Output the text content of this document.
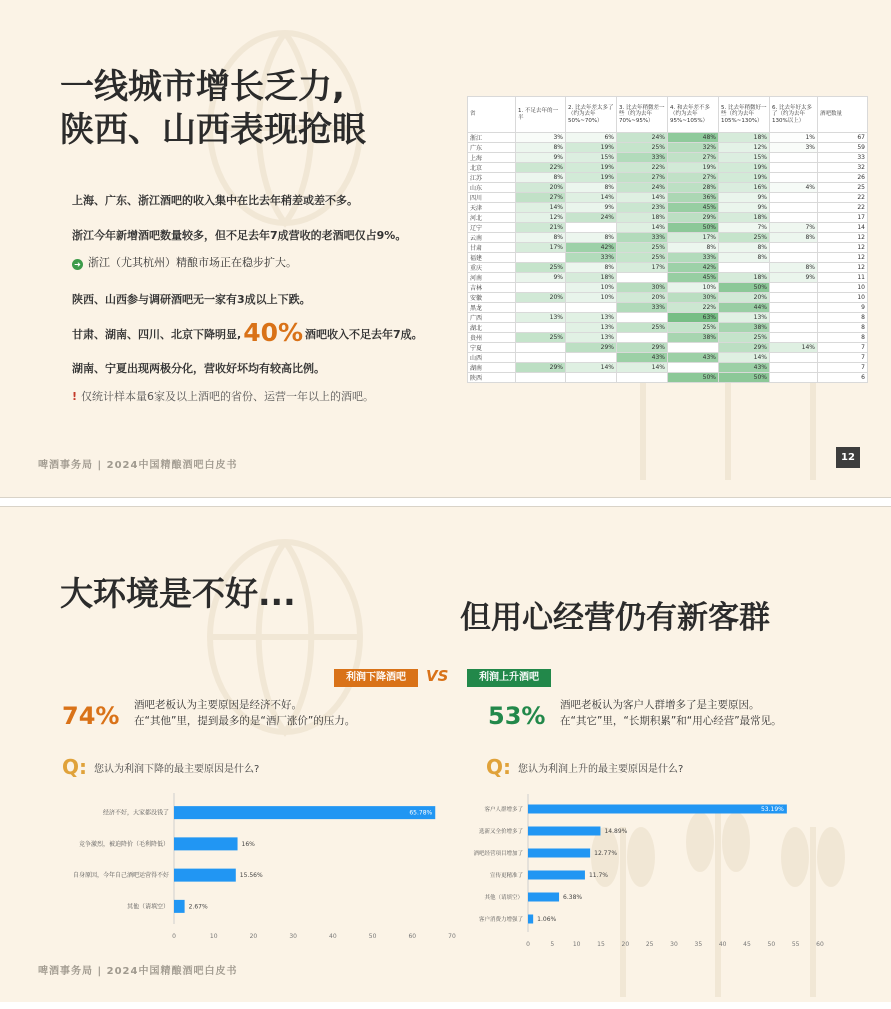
一线城市增长乏力,
陕西、山西表现抢眼
上海、广东、浙江酒吧的收入集中在比去年稍差或差不多。
浙江今年新增酒吧数量较多，但不足去年7成营收的老酒吧仅占9%。
➜ 浙江（尤其杭州）精酿市场正在稳步扩大。
陕西、山西参与调研酒吧无一家有3成以上下跌。
甘肃、湖南、四川、北京下降明显,40% 酒吧收入不足去年7成。
湖南、宁夏出现两极分化，营收好坏均有较高比例。
! 仅统计样本量6家及以上酒吧的省份、运营一年以上的酒吧。
省	1. 不足去年的一半	2. 比去年差太多了（约为去年50%~70%）	3. 比去年稍微差一些（约为去年70%~95%）	4. 和去年差不多（约为去年95%~105%）	5. 比去年稍微好一些（约为去年105%~130%）	6. 比去年好太多了（约为去年130%以上）	酒吧数量
浙江	3%	6%	24%	48%	18%	1%	67
广东	8%	19%	25%	32%	12%	3%	59
上海	9%	15%	33%	27%	15%		33
北京	22%	19%	22%	19%	19%		32
江苏	8%	19%	27%	27%	19%		26
山东	20%	8%	24%	28%	16%	4%	25
四川	27%	14%	14%	36%	9%		22
天津	14%	9%	23%	45%	9%		22
河北	12%	24%	18%	29%	18%		17
辽宁	21%		14%	50%	7%	7%	14
云南	8%	8%	33%	17%	25%	8%	12
甘肃	17%	42%	25%	8%	8%		12
福建		33%	25%	33%	8%		12
重庆	25%	8%	17%	42%		8%	12
河南	9%	18%		45%	18%	9%	11
吉林		10%	30%	10%	50%		10
安徽	20%	10%	20%	30%	20%		10
黑龙			33%	22%	44%		9
广西	13%	13%		63%	13%		8
湖北		13%	25%	25%	38%		8
贵州	25%	13%		38%	25%		8
宁夏		29%	29%		29%	14%	7
山西			43%	43%	14%		7
湖南	29%	14%	14%		43%		7
陕西				50%	50%		6
啤酒事务局 | 2024中国精酿酒吧白皮书
12
大环境是不好...
但用心经营仍有新客群
利润下降酒吧	VS	利润上升酒吧
74% 酒吧老板认为主要原因是经济不好。
在“其他”里，提到最多的是“酒厂涨价”的压力。	53% 酒吧老板认为客户人群增多了是主要原因。
在“其它”里，“长期积累”和“用心经营”最常见。
Q: 您认为利润下降的最主要原因是什么?	Q: 您认为利润上升的最主要原因是什么?
0	10	20	30	40	50	60	70
经济不好，大家都没钱了	65.78%
竞争激烈，被迫降价（毛利降低）	16%
自身原因，今年自己酒吧运营得不好	15.56%
其他（请填空）	2.67%
0	5	10	15	20	25	30	35	40	45	50	55	60
客户人群增多了	53.19%
选新又全价增多了	14.89%
酒吧经营项目增加了	12.77%
宣传更精准了	11.7%
其他（请填空）	6.38%
客户消费力增强了 1.06%
啤酒事务局 | 2024中国精酿酒吧白皮书
